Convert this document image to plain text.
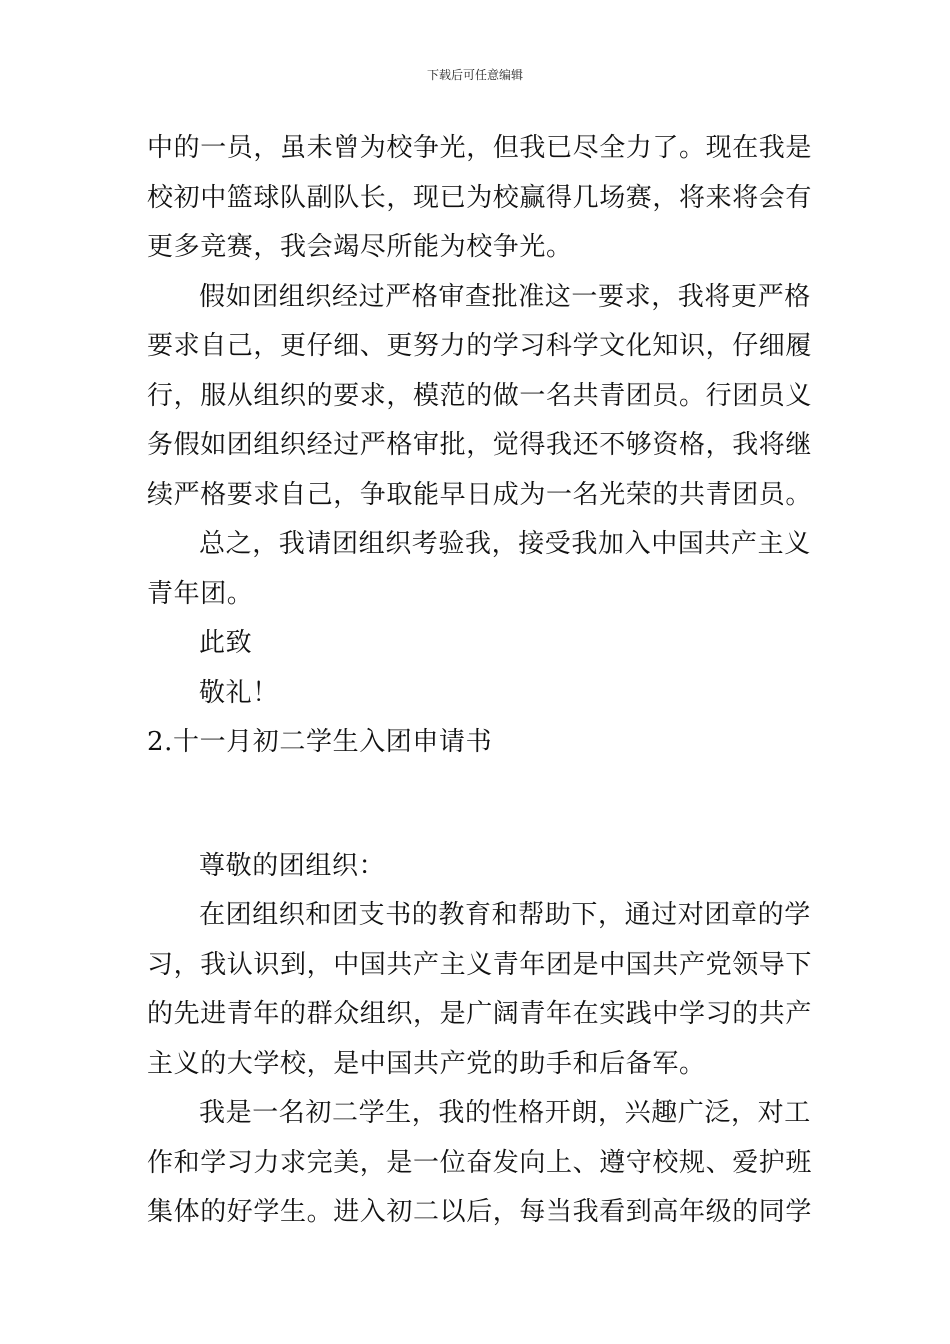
下载后可任意编辑

中的一员，虽未曾为校争光，但我已尽全力了。现在我是校初中篮球队副队长，现已为校赢得几场赛，将来将会有更多竞赛，我会竭尽所能为校争光。

假如团组织经过严格审查批准这一要求，我将更严格要求自己，更仔细、更努力的学习科学文化知识，仔细履行，服从组织的要求，模范的做一名共青团员。行团员义务假如团组织经过严格审批，觉得我还不够资格，我将继续严格要求自己，争取能早日成为一名光荣的共青团员。

总之，我请团组织考验我，接受我加入中国共产主义青年团。

此致

敬礼！

2.十一月初二学生入团申请书

尊敬的团组织：

在团组织和团支书的教育和帮助下，通过对团章的学习，我认识到，中国共产主义青年团是中国共产党领导下的先进青年的群众组织，是广阔青年在实践中学习的共产主义的大学校，是中国共产党的助手和后备军。

我是一名初二学生，我的性格开朗，兴趣广泛，对工作和学习力求完美，是一位奋发向上、遵守校规、爱护班集体的好学生。进入初二以后，每当我看到高年级的同学
